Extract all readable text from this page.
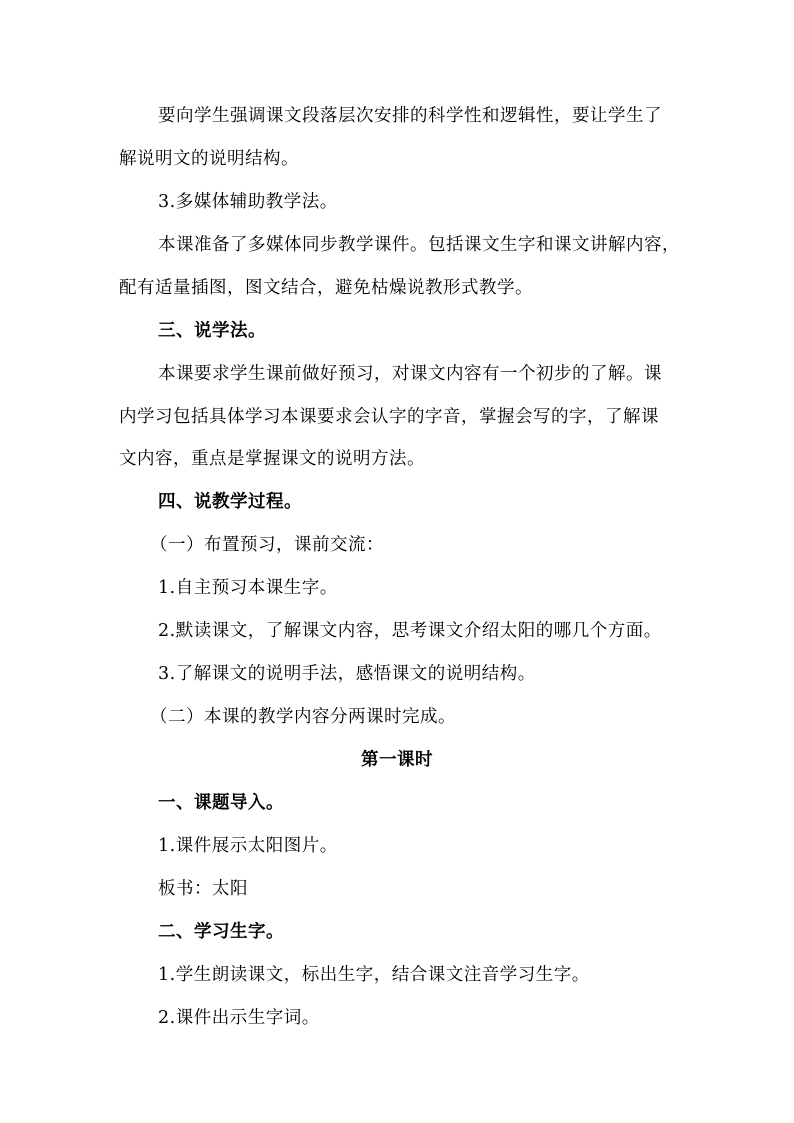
要向学生强调课文段落层次安排的科学性和逻辑性，要让学生了
解说明文的说明结构。
3.多媒体辅助教学法。
本课准备了多媒体同步教学课件。包括课文生字和课文讲解内容，
配有适量插图，图文结合，避免枯燥说教形式教学。
三、说学法。
本课要求学生课前做好预习，对课文内容有一个初步的了解。课
内学习包括具体学习本课要求会认字的字音，掌握会写的字，了解课
文内容，重点是掌握课文的说明方法。
四、说教学过程。
（一）布置预习，课前交流：
1.自主预习本课生字。
2.默读课文，了解课文内容，思考课文介绍太阳的哪几个方面。
3.了解课文的说明手法，感悟课文的说明结构。
（二）本课的教学内容分两课时完成。
第一课时
一、课题导入。
1.课件展示太阳图片。
板书：太阳
二、学习生字。
1.学生朗读课文，标出生字，结合课文注音学习生字。
2.课件出示生字词。
